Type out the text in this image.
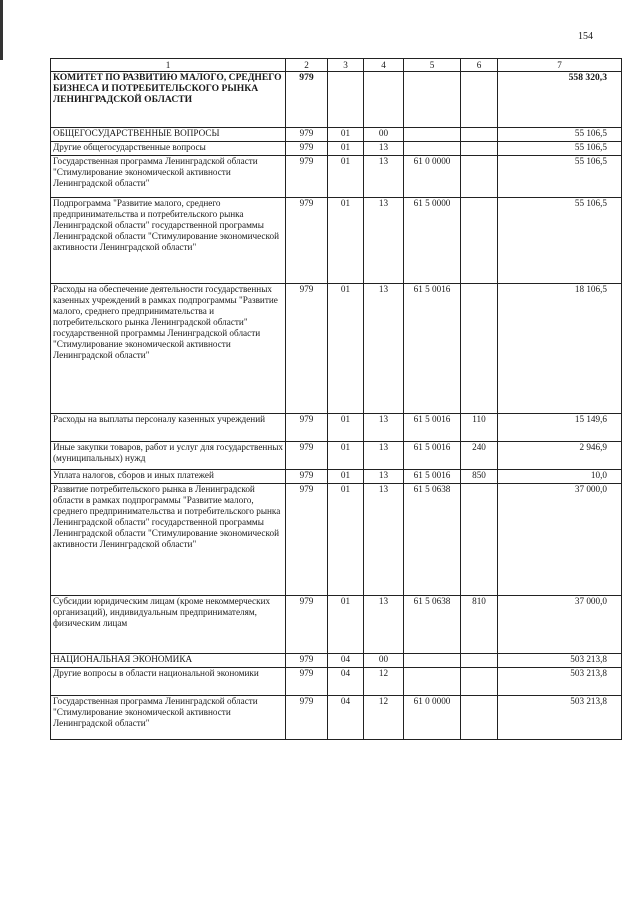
154
1	2	3	4	5	6	7
КОМИТЕТ ПО РАЗВИТИЮ МАЛОГО, СРЕДНЕГО БИЗНЕСА И ПОТРЕБИТЕЛЬСКОГО РЫНКА ЛЕНИНГРАДСКОЙ ОБЛАСТИ	979					558 320,3
ОБЩЕГОСУДАРСТВЕННЫЕ ВОПРОСЫ	979	01	00			55 106,5
Другие общегосударственные вопросы	979	01	13			55 106,5
Государственная программа Ленинградской области "Стимулирование экономической активности Ленинградской области"	979	01	13	61 0 0000		55 106,5
Подпрограмма "Развитие малого, среднего предпринимательства и потребительского рынка Ленинградской области" государственной программы Ленинградской области "Стимулирование экономической активности Ленинградской области"	979	01	13	61 5 0000		55 106,5
Расходы на обеспечение деятельности государственных казенных учреждений в рамках подпрограммы "Развитие малого, среднего предпринимательства и потребительского рынка Ленинградской области" государственной программы Ленинградской области "Стимулирование экономической активности Ленинградской области"	979	01	13	61 5 0016		18 106,5
Расходы на выплаты персоналу казенных учреждений	979	01	13	61 5 0016	110	15 149,6
Иные закупки товаров, работ и услуг для государственных (муниципальных) нужд	979	01	13	61 5 0016	240	2 946,9
Уплата налогов, сборов и иных платежей	979	01	13	61 5 0016	850	10,0
Развитие потребительского рынка в Ленинградской области в рамках подпрограммы "Развитие малого, среднего предпринимательства и потребительского рынка Ленинградской области" государственной программы Ленинградской области "Стимулирование экономической активности Ленинградской области"	979	01	13	61 5 0638		37 000,0
Субсидии юридическим лицам (кроме некоммерческих организаций), индивидуальным предпринимателям, физическим лицам	979	01	13	61 5 0638	810	37 000,0
НАЦИОНАЛЬНАЯ ЭКОНОМИКА	979	04	00			503 213,8
Другие вопросы в области национальной экономики	979	04	12			503 213,8
Государственная программа Ленинградской области "Стимулирование экономической активности Ленинградской области"	979	04	12	61 0 0000		503 213,8
